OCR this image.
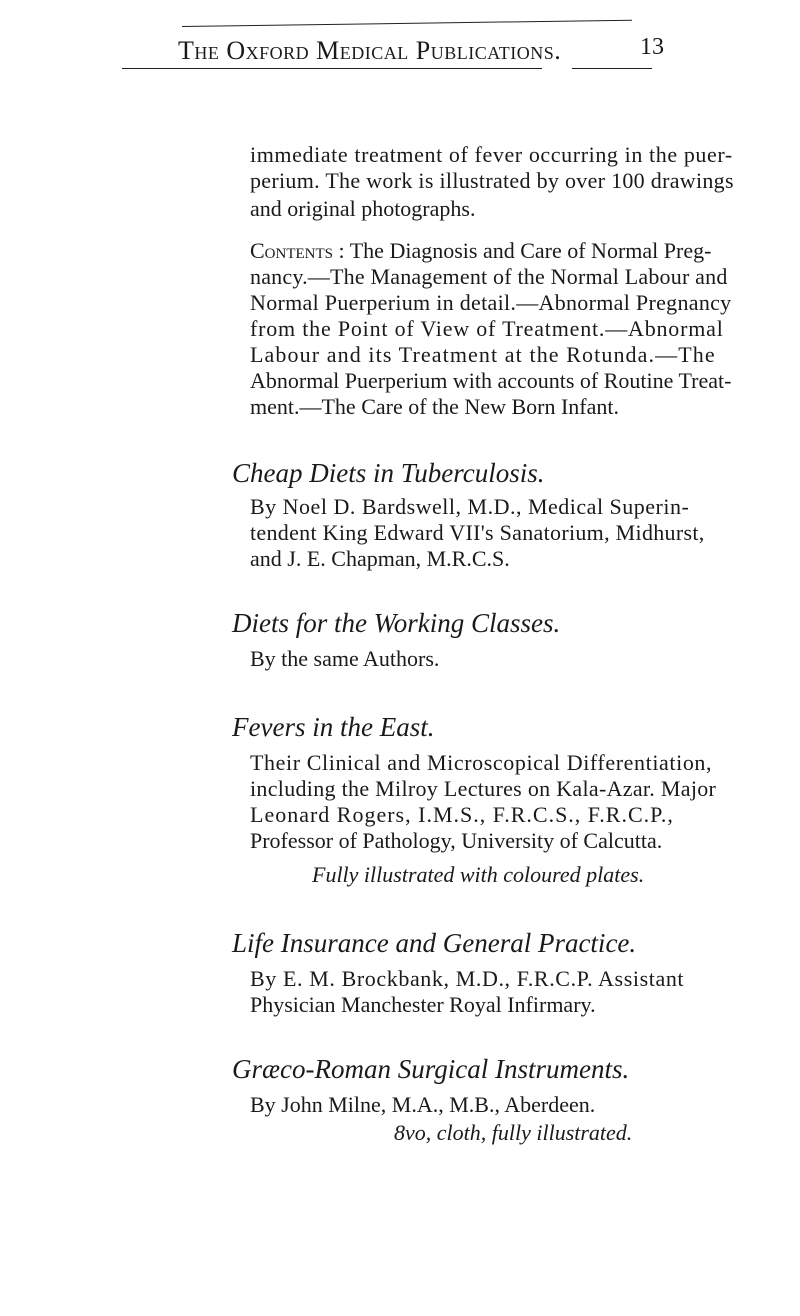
The Oxford Medical Publications.	13
immediate treatment of fever occurring in the puer-
perium. The work is illustrated by over 100 drawings
and original photographs.
Contents : The Diagnosis and Care of Normal Preg-
nancy.—The Management of the Normal Labour and
Normal Puerperium in detail.—Abnormal Pregnancy
from the Point of View of Treatment.—Abnormal
Labour and its Treatment at the Rotunda.—The
Abnormal Puerperium with accounts of Routine Treat-
ment.—The Care of the New Born Infant.
Cheap Diets in Tuberculosis.
By Noel D. Bardswell, M.D., Medical Superin-
tendent King Edward VII's Sanatorium, Midhurst,
and J. E. Chapman, M.R.C.S.
Diets for the Working Classes.
By the same Authors.
Fevers in the East.
Their Clinical and Microscopical Differentiation,
including the Milroy Lectures on Kala-Azar. Major
Leonard Rogers, I.M.S., F.R.C.S., F.R.C.P.,
Professor of Pathology, University of Calcutta.
Fully illustrated with coloured plates.
Life Insurance and General Practice.
By E. M. Brockbank, M.D., F.R.C.P. Assistant
Physician Manchester Royal Infirmary.
Græco-Roman Surgical Instruments.
By John Milne, M.A., M.B., Aberdeen.
8vo, cloth, fully illustrated.
